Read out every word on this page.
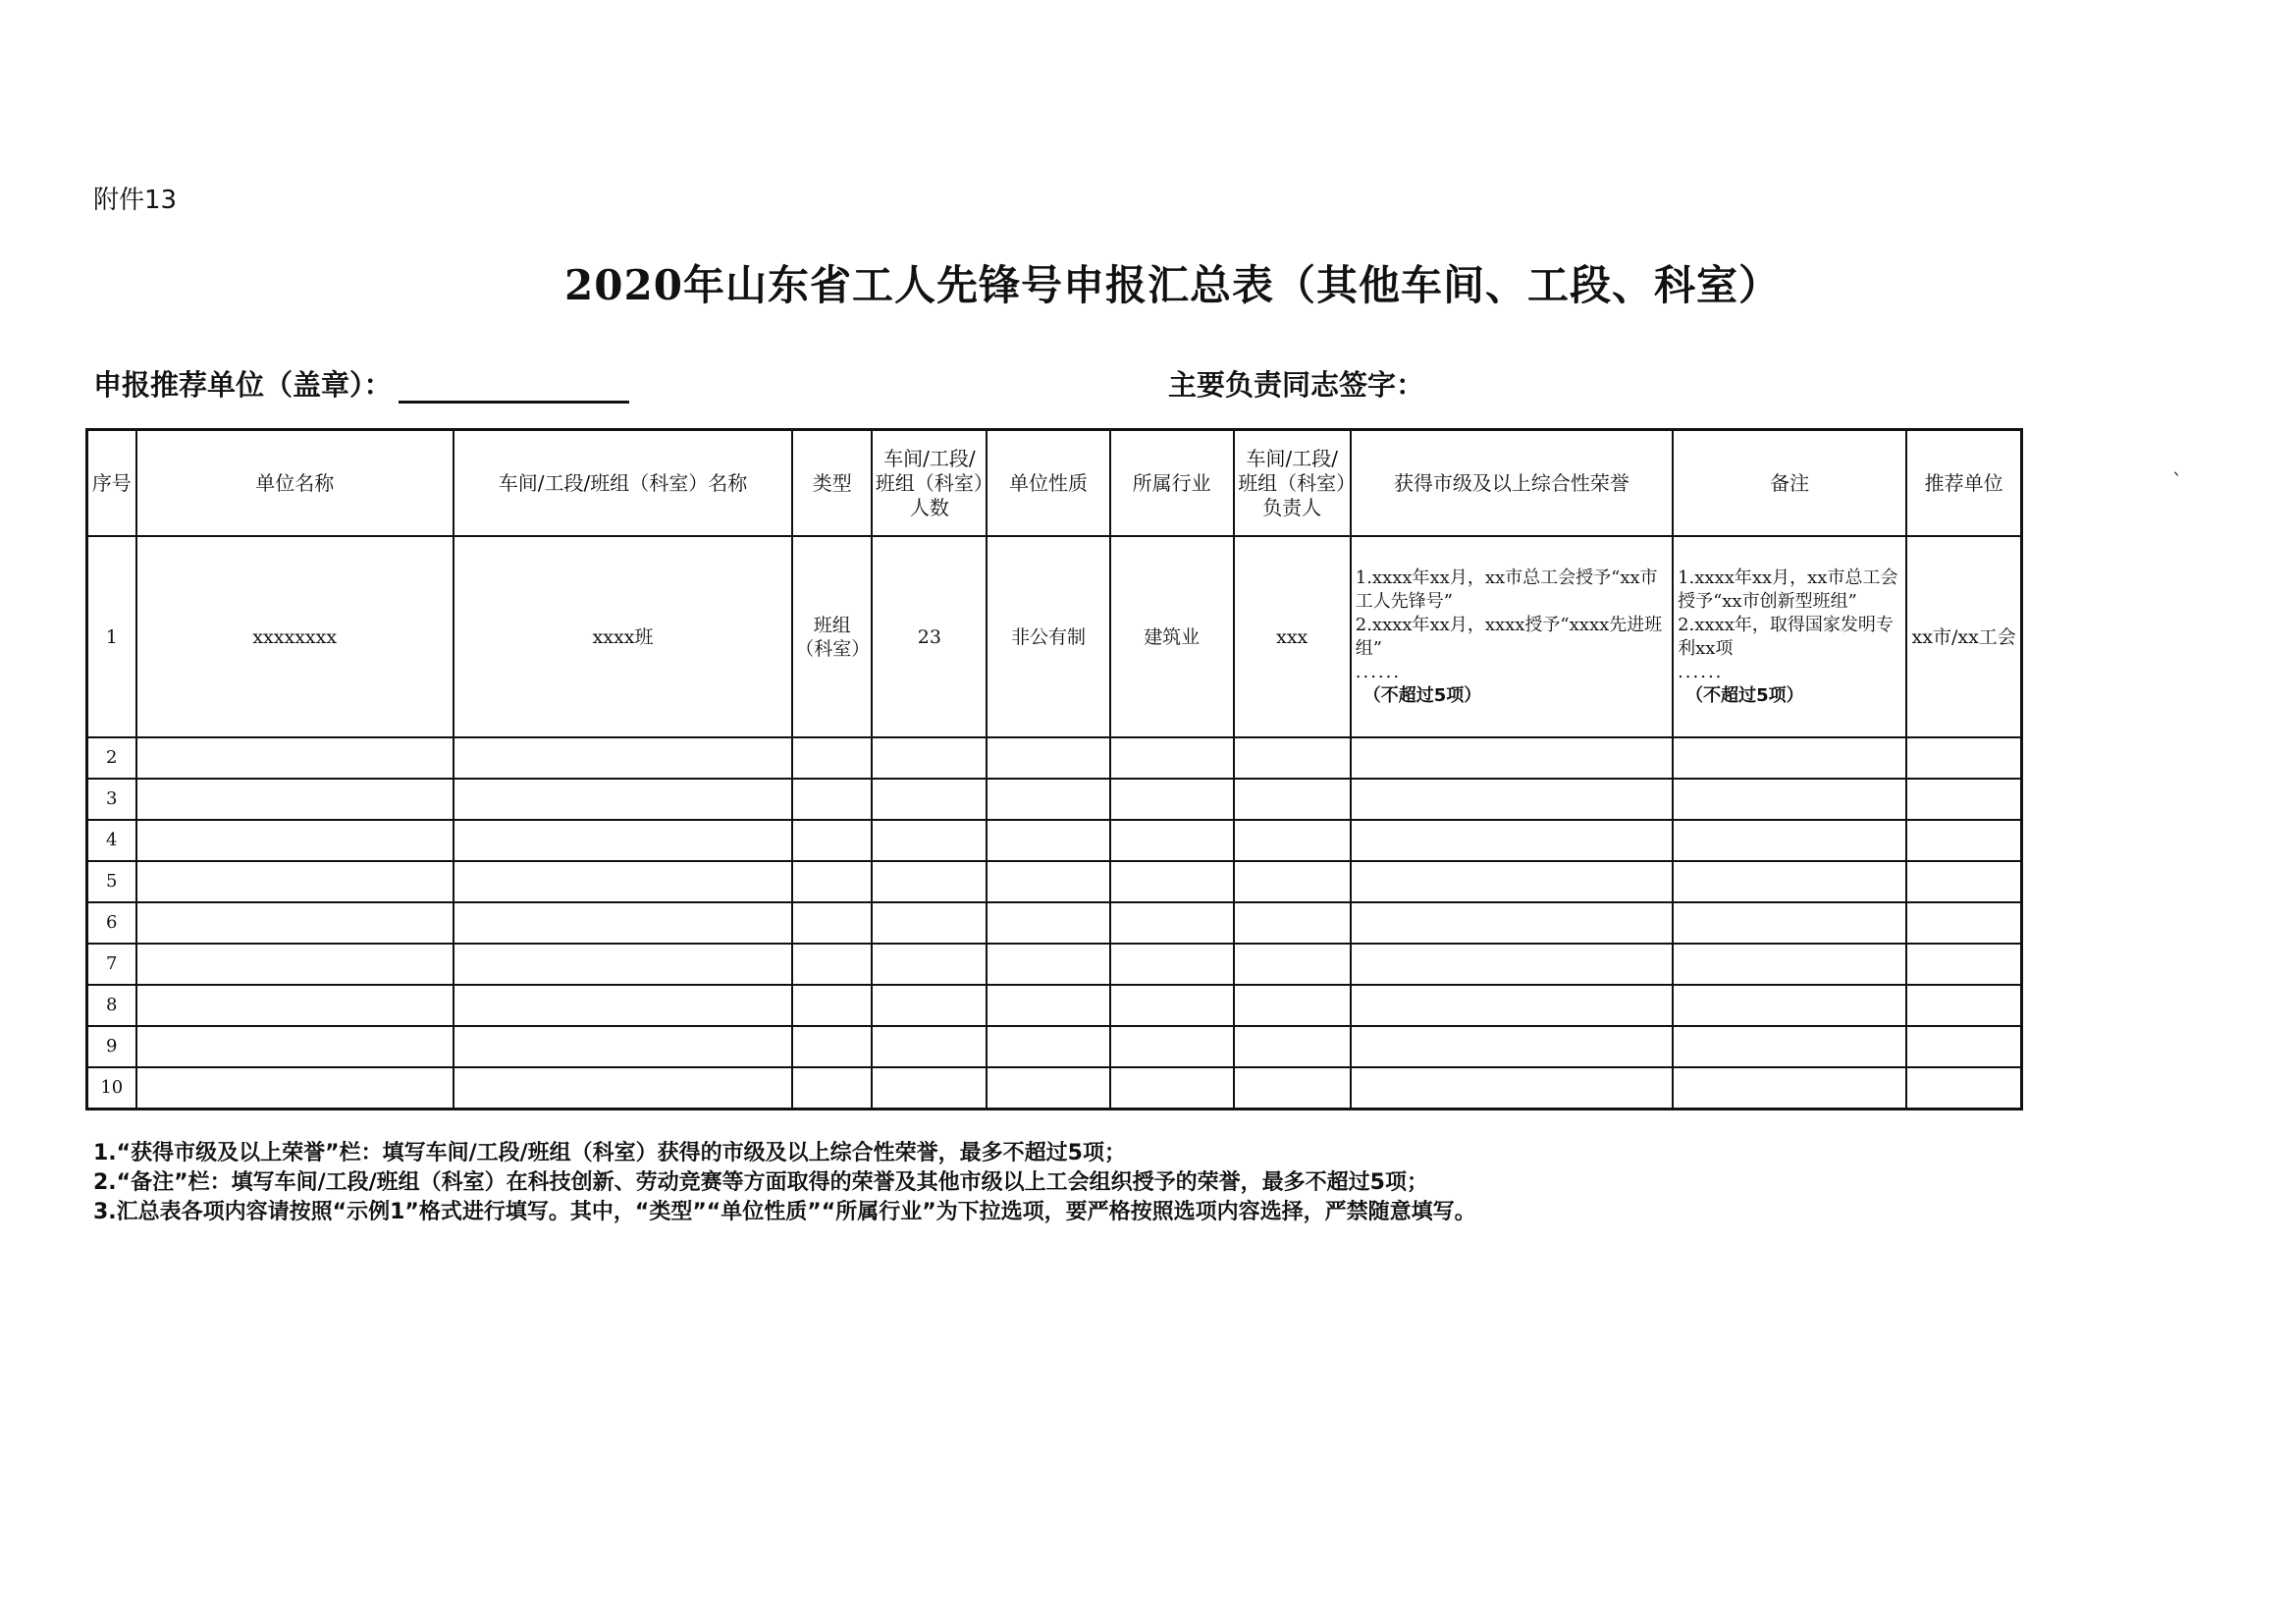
附件13
2020年山东省工人先锋号申报汇总表（其他车间、工段、科室）
申报推荐单位（盖章）：	主要负责同志签字：
`
序号	单位名称	车间/工段/班组（科室）名称	类型	车间/工段/班组（科室）人数	单位性质	所属行业	车间/工段/班组（科室）负责人	获得市级及以上综合性荣誉	备注	推荐单位
1	xxxxxxxx	xxxx班	班组（科室）	23	非公有制	建筑业	xxx	1.xxxx年xx月，xx市总工会授予“xx市工人先锋号”
2.xxxx年xx月，xxxx授予“xxxx先进班组”
......
（不超过5项）	1.xxxx年xx月，xx市总工会授予“xx市创新型班组”
2.xxxx年，取得国家发明专利xx项
......
（不超过5项）	xx市/xx工会
2										
3										
4										
5										
6										
7										
8										
9										
10										
1.“获得市级及以上荣誉”栏：填写车间/工段/班组（科室）获得的市级及以上综合性荣誉，最多不超过5项；
2.“备注”栏：填写车间/工段/班组（科室）在科技创新、劳动竞赛等方面取得的荣誉及其他市级以上工会组织授予的荣誉，最多不超过5项；
3.汇总表各项内容请按照“示例1”格式进行填写。其中，“类型”“单位性质”“所属行业”为下拉选项，要严格按照选项内容选择，严禁随意填写。
